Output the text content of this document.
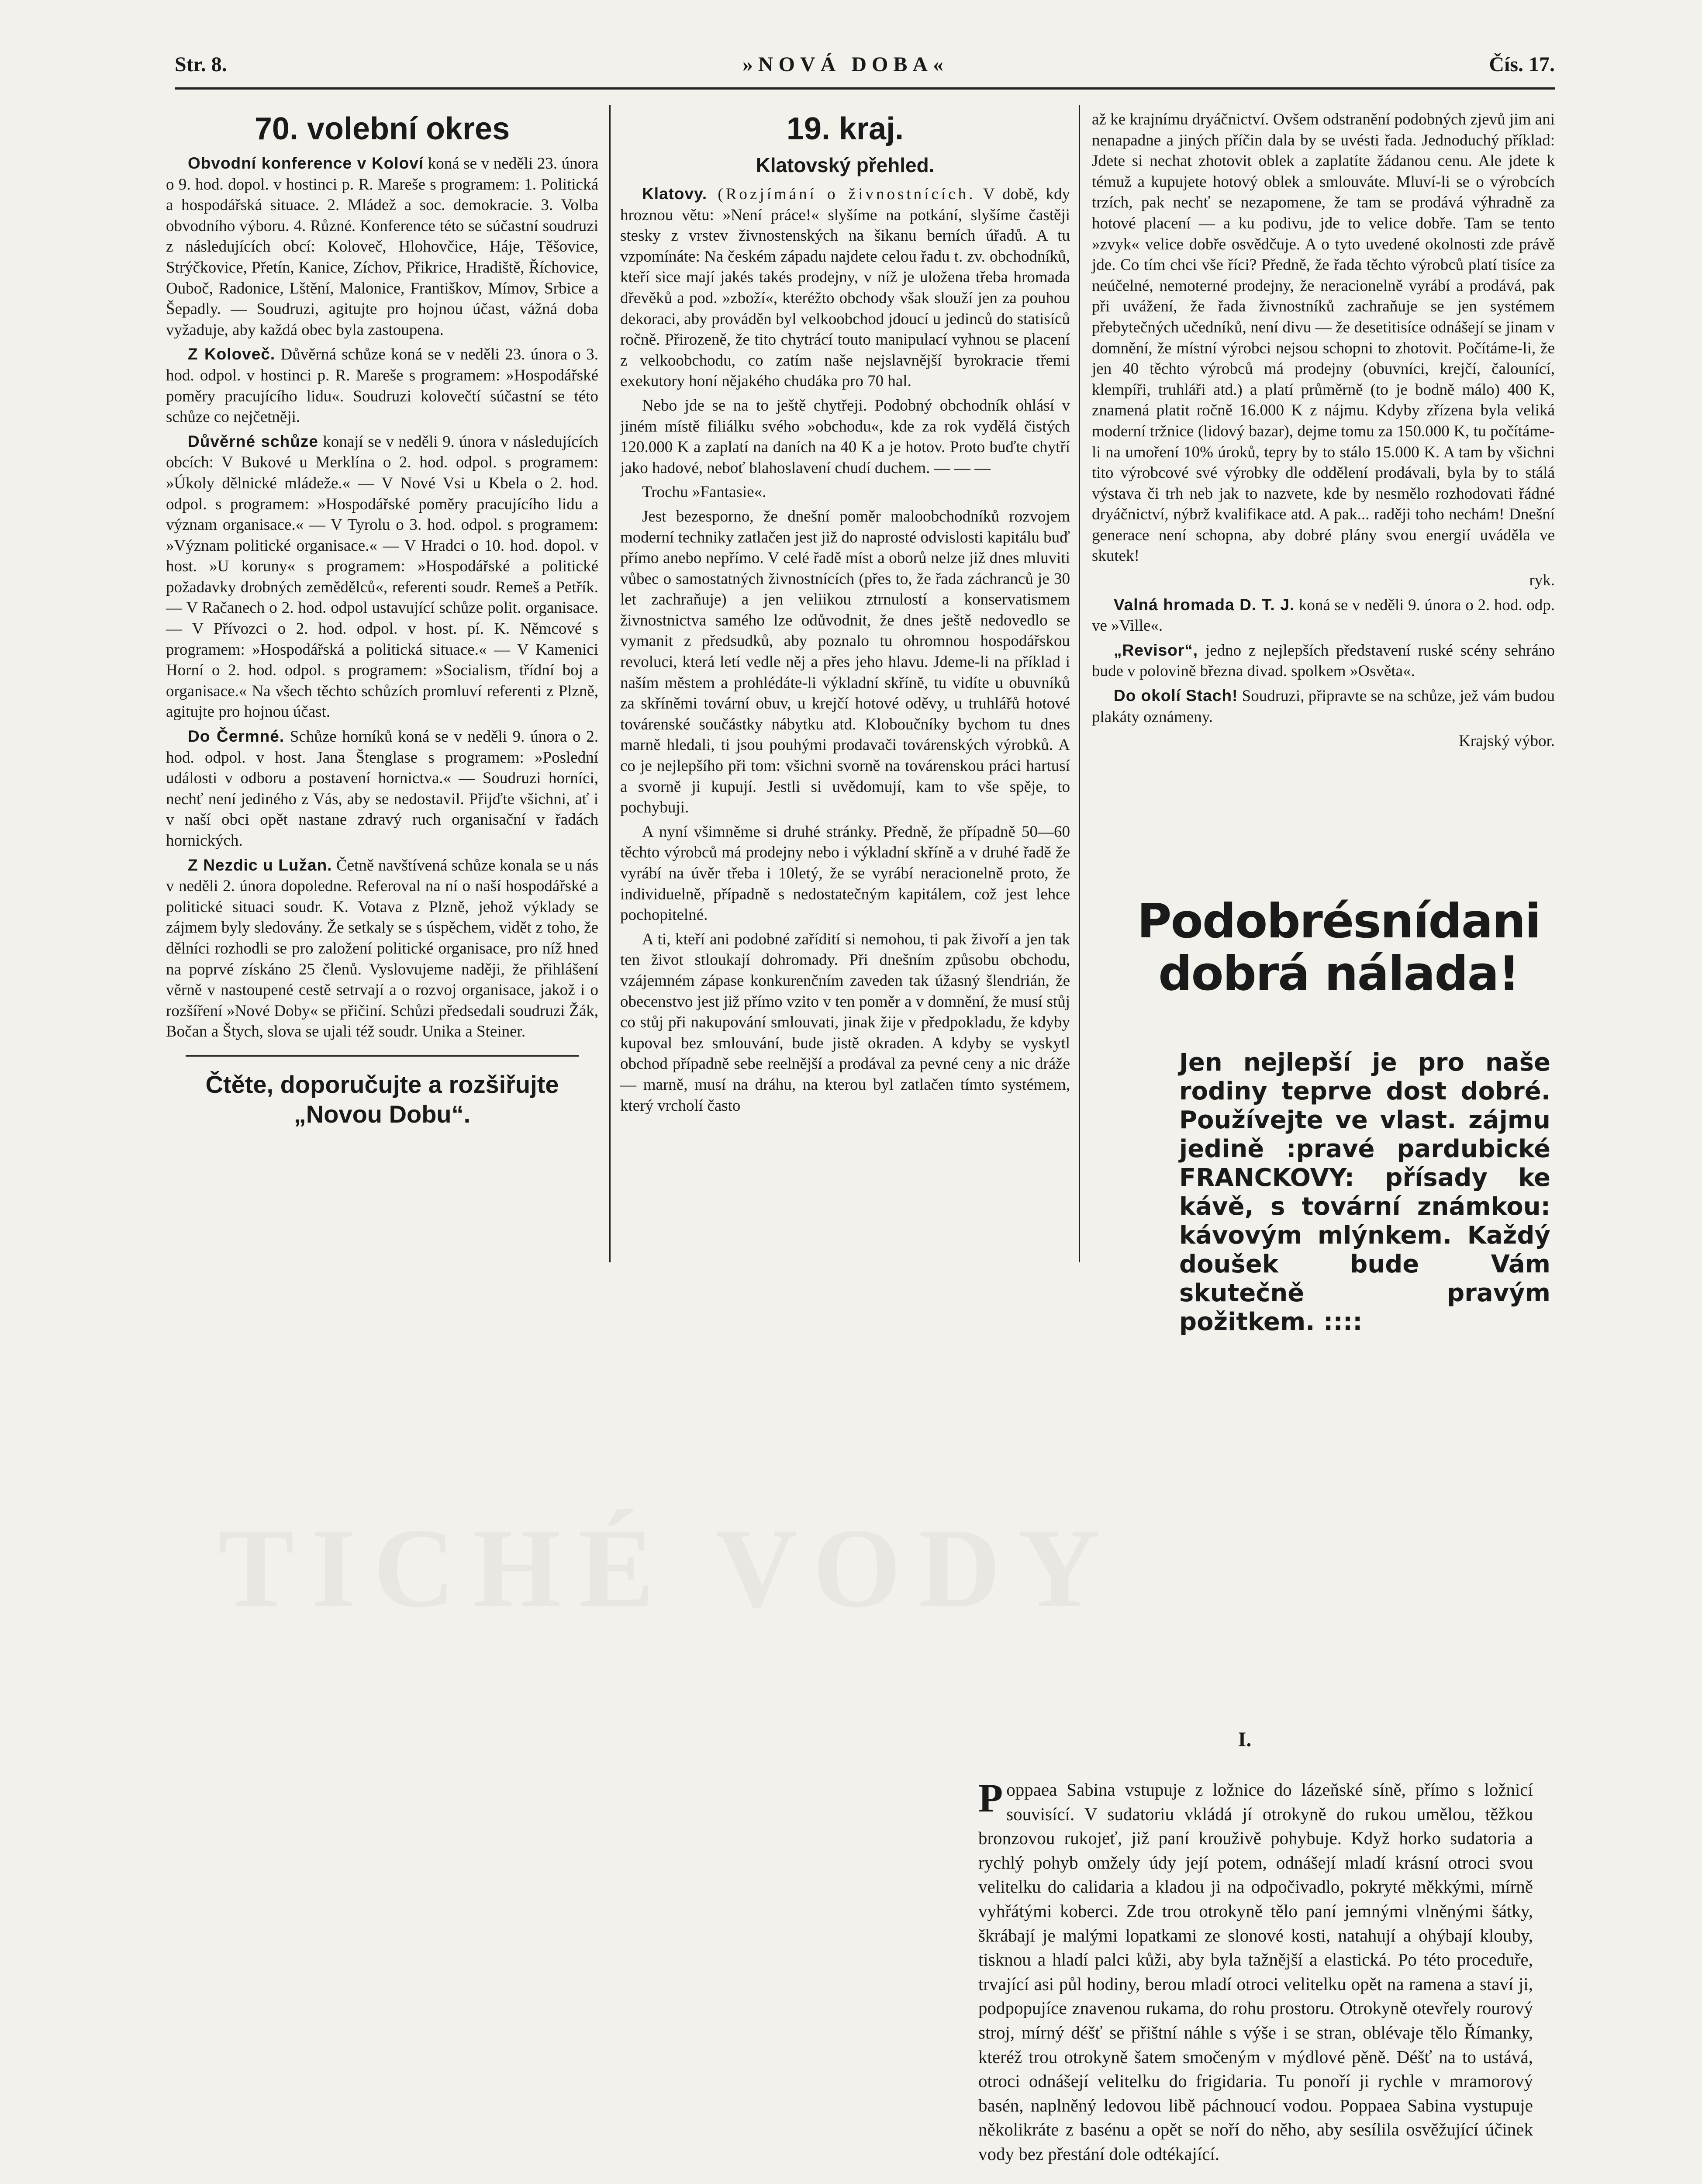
TICHÉ VODY
Str. 8.	»NOVÁ DOBA«	Čís. 17.
70. volební okres

Obvodní konference v Koloví koná se v neděli 23. února o 9. hod. dopol. v hostinci p. R. Mareše s programem: 1. Politická a hospodářská situace. 2. Mládež a soc. demokracie. 3. Volba obvodního výboru. 4. Různé. Konference této se súčastní soudruzi z následujících obcí: Koloveč, Hlohovčice, Háje, Těšovice, Strýčkovice, Přetín, Kanice, Zíchov, Přikrice, Hradiště, Říchovice, Ouboč, Radonice, Lštění, Malonice, Františkov, Mímov, Srbice a Šepadly. — Soudruzi, agitujte pro hojnou účast, vážná doba vyžaduje, aby každá obec byla zastoupena.

Z Koloveč. Důvěrná schůze koná se v neděli 23. února o 3. hod. odpol. v hostinci p. R. Mareše s programem: »Hospodářské poměry pracujícího lidu«. Soudruzi kolovečtí súčastní se této schůze co nejčetněji.

Důvěrné schůze konají se v neděli 9. února v následujících obcích: V Bukové u Merklína o 2. hod. odpol. s programem: »Úkoly dělnické mládeže.« — V Nové Vsi u Kbela o 2. hod. odpol. s programem: »Hospodářské poměry pracujícího lidu a význam organisace.« — V Tyrolu o 3. hod. odpol. s programem: »Význam politické organisace.« — V Hradci o 10. hod. dopol. v host. »U koruny« s programem: »Hospodářské a politické požadavky drobných zemědělců«, referenti soudr. Remeš a Petřík. — V Račanech o 2. hod. odpol ustavující schůze polit. organisace. — V Přívozci o 2. hod. odpol. v host. pí. K. Němcové s programem: »Hospodářská a politická situace.« — V Kamenici Horní o 2. hod. odpol. s programem: »Socialism, třídní boj a organisace.« Na všech těchto schůzích promluví referenti z Plzně, agitujte pro hojnou účast.

Do Čermné. Schůze horníků koná se v neděli 9. února o 2. hod. odpol. v host. Jana Štenglase s programem: »Poslední události v odboru a postavení hornictva.« — Soudruzi horníci, nechť není jediného z Vás, aby se nedostavil. Přijďte všichni, ať i v naší obci opět nastane zdravý ruch organisační v řadách hornických.

Z Nezdic u Lužan. Četně navštívená schůze konala se u nás v neděli 2. února dopoledne. Referoval na ní o naší hospodářské a politické situaci soudr. K. Votava z Plzně, jehož výklady se zájmem byly sledovány. Že setkaly se s úspěchem, vidět z toho, že dělníci rozhodli se pro založení politické organisace, pro níž hned na poprvé získáno 25 členů. Vyslovujeme naději, že přihlášení věrně v nastoupené cestě setrvají a o rozvoj organisace, jakož i o rozšíření »Nové Doby« se přičiní. Schůzi předsedali soudruzi Žák, Bočan a Štych, slova se ujali též soudr. Unika a Steiner.

Čtěte, doporučujte a rozšiřujte „Novou Dobu“.
19. kraj.
Klatovský přehled.

Klatovy. (Rozjímání o živnostnících. V době, kdy hroznou větu: »Není práce!« slyšíme na potkání, slyšíme častěji stesky z vrstev živnostenských na šikanu berních úřadů. A tu vzpomínáte: Na českém západu najdete celou řadu t. zv. obchodníků, kteří sice mají jakés takés prodejny, v níž je uložena třeba hromada dřevěků a pod. »zboží«, kteréžto obchody však slouží jen za pouhou dekoraci, aby prováděn byl velkoobchod jdoucí u jedinců do statisíců ročně. Přirozeně, že tito chytrácí touto manipulací vyhnou se placení z velkoobchodu, co zatím naše nejslavnější byrokracie třemi exekutory honí nějakého chudáka pro 70 hal.

Nebo jde se na to ještě chytřeji. Podobný obchodník ohlásí v jiném místě filiálku svého »obchodu«, kde za rok vydělá čistých 120.000 K a zaplatí na daních na 40 K a je hotov. Proto buďte chytří jako hadové, neboť blahoslavení chudí duchem. — — —

Trochu »Fantasie«.

Jest bezesporno, že dnešní poměr maloobchodníků rozvojem moderní techniky zatlačen jest již do naprosté odvislosti kapitálu buď přímo anebo nepřímo. V celé řadě míst a oborů nelze již dnes mluviti vůbec o samostatných živnostnících (přes to, že řada záchranců je 30 let zachraňuje) a jen veliikou ztrnulostí a konservatismem živnostnictva samého lze odůvodnit, že dnes ještě nedovedlo se vymanit z předsudků, aby poznalo tu ohromnou hospodářskou revoluci, která letí vedle něj a přes jeho hlavu. Jdeme-li na příklad i naším městem a prohlédáte-li výkladní skříně, tu vidíte u obuvníků za skříněmi tovární obuv, u krejčí hotové oděvy, u truhlářů hotové továrenské součástky nábytku atd. Kloboučníky bychom tu dnes marně hledali, ti jsou pouhými prodavači továrenských výrobků. A co je nejlepšího při tom: všichni svorně na továrenskou práci hartusí a svorně ji kupují. Jestli si uvědomují, kam to vše spěje, to pochybuji.

A nyní všimněme si druhé stránky. Předně, že případně 50—60 těchto výrobců má prodejny nebo i výkladní skříně a v druhé řadě že vyrábí na úvěr třeba i 10letý, že se vyrábí neracionelně proto, že individuelně, případně s nedostatečným kapitálem, což jest lehce pochopitelné.

A ti, kteří ani podobné zařídití si nemohou, ti pak živoří a jen tak ten život stloukají dohromady. Při dnešním způsobu obchodu, vzájemném zápase konkurenčním zaveden tak úžasný šlendrián, že obecenstvo jest již přímo vzito v ten poměr a v domnění, že musí stůj co stůj při nakupování smlouvati, jinak žije v předpokladu, že kdyby kupoval bez smlouvání, bude jistě okraden. A kdyby se vyskytl obchod případně sebe reelnější a prodával za pevné ceny a nic dráže — marně, musí na dráhu, na kterou byl zatlačen tímto systémem, který vrcholí často

až ke krajnímu dryáčnictví. Ovšem odstranění podobných zjevů jim ani nenapadne a jiných příčin dala by se uvésti řada. Jednoduchý příklad: Jdete si nechat zhotovit oblek a zaplatíte žádanou cenu. Ale jdete k témuž a kupujete hotový oblek a smlouváte. Mluví-li se o výrobcích trzích, pak nechť se nezapomene, že tam se prodává výhradně za hotové placení — a ku podivu, jde to velice dobře. Tam se tento »zvyk« velice dobře osvědčuje. A o tyto uvedené okolnosti zde právě jde. Co tím chci vše říci? Předně, že řada těchto výrobců platí tisíce za neúčelné, nemoterné prodejny, že neracionelně vyrábí a prodává, pak při uvážení, že řada živnostníků zachraňuje se jen systémem přebytečných učedníků, není divu — že desetitisíce odnášejí se jinam v domnění, že místní výrobci nejsou schopni to zhotovit. Počítáme-li, že jen 40 těchto výrobců má prodejny (obuvníci, krejčí, čalounící, klempíři, truhláři atd.) a platí průměrně (to je bodně málo) 400 K, znamená platit ročně 16.000 K z nájmu. Kdyby zřízena byla veliká moderní tržnice (lidový bazar), dejme tomu za 150.000 K, tu počítáme-li na umoření 10% úroků, tepry by to stálo 15.000 K. A tam by všichni tito výrobcové své výrobky dle oddělení prodávali, byla by to stálá výstava či trh neb jak to nazvete, kde by nesmělo rozhodovati řádné dryáčnictví, nýbrž kvalifikace atd. A pak... raději toho nechám! Dnešní generace není schopna, aby dobré plány svou energií uváděla ve skutek!

ryk.

Valná hromada D. T. J. koná se v neděli 9. února o 2. hod. odp. ve »Ville«.

„Revisor“, jedno z nejlepších představení ruské scény sehráno bude v polovině března divad. spolkem »Osvěta«.

Do okolí Stach! Soudruzi, připravte se na schůze, jež vám budou plakáty oznámeny.

Krajský výbor.

Podobrésnídani dobrá nálada!
Jen nejlepší je pro naše rodiny teprve dost dobré. Používejte ve vlast. zájmu jedině :pravé pardubické FRANCKOVY: přísady ke kávě, s tovární známkou: kávovým mlýnkem. Každý doušek bude Vám skutečně pravým požitkem. ::::
I.
Poppaea Sabina vstupuje z ložnice do lázeňské síně, přímo s ložnicí souvisící. V sudatoriu vkládá jí otrokyně do rukou umělou, těžkou bronzovou rukojeť, již paní krouživě pohybuje. Když horko sudatoria a rychlý pohyb omžely údy její potem, odnášejí mladí krásní otroci svou velitelku do calidaria a kladou ji na odpočivadlo, pokryté měkkými, mírně vyhřátými koberci. Zde trou otrokyně tělo paní jemnými vlněnými šátky, škrábají je malými lopatkami ze slonové kosti, natahují a ohýbají klouby, tisknou a hladí palci kůži, aby byla tažnější a elastická. Po této proceduře, trvající asi půl hodiny, berou mladí otroci velitelku opět na ramena a staví ji, podpopujíce znavenou rukama, do rohu prostoru. Otrokyně otevřely rourový stroj, mírný déšť se přištní náhle s výše i se stran, oblévaje tělo Římanky, kteréž trou otrokyně šatem smočeným v mýdlové pěně. Déšť na to ustává, otroci odnášejí velitelku do frigidaria. Tu ponoří ji rychle v mramorový basén, naplněný ledovou libě páchnoucí vodou. Poppaea Sabina vystupuje několikráte z basénu a opět se noří do něho, aby sesílila osvěžující účinek vody bez přestání dole odtékající.
